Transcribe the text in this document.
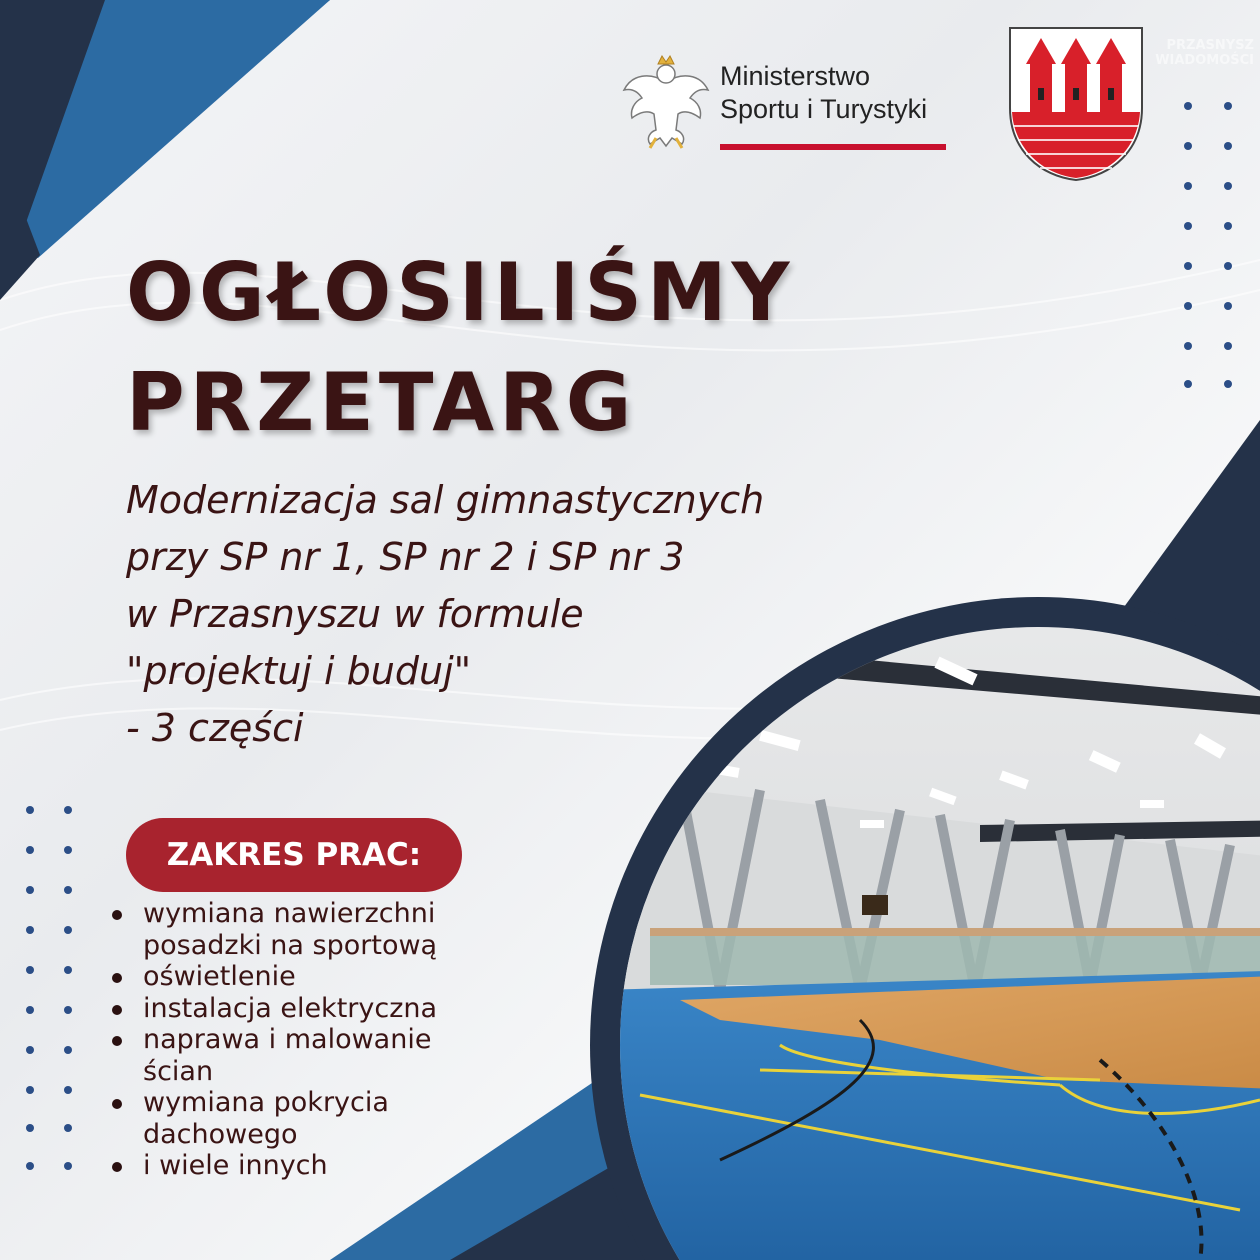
Ministerstwo
Sportu i Turystyki
PRZASNYSZ
WIADOMOŚCI
OGŁOSILIŚMY
PRZETARG
Modernizacja sal gimnastycznych
przy SP nr 1, SP nr 2 i SP nr 3
w Przasnyszu w formule
"projektuj i buduj"
- 3 części
ZAKRES PRAC:
wymiana nawierzchni
posadzki na sportową
oświetlenie
instalacja elektryczna
naprawa i malowanie
ścian
wymiana pokrycia
dachowego
i wiele innych
